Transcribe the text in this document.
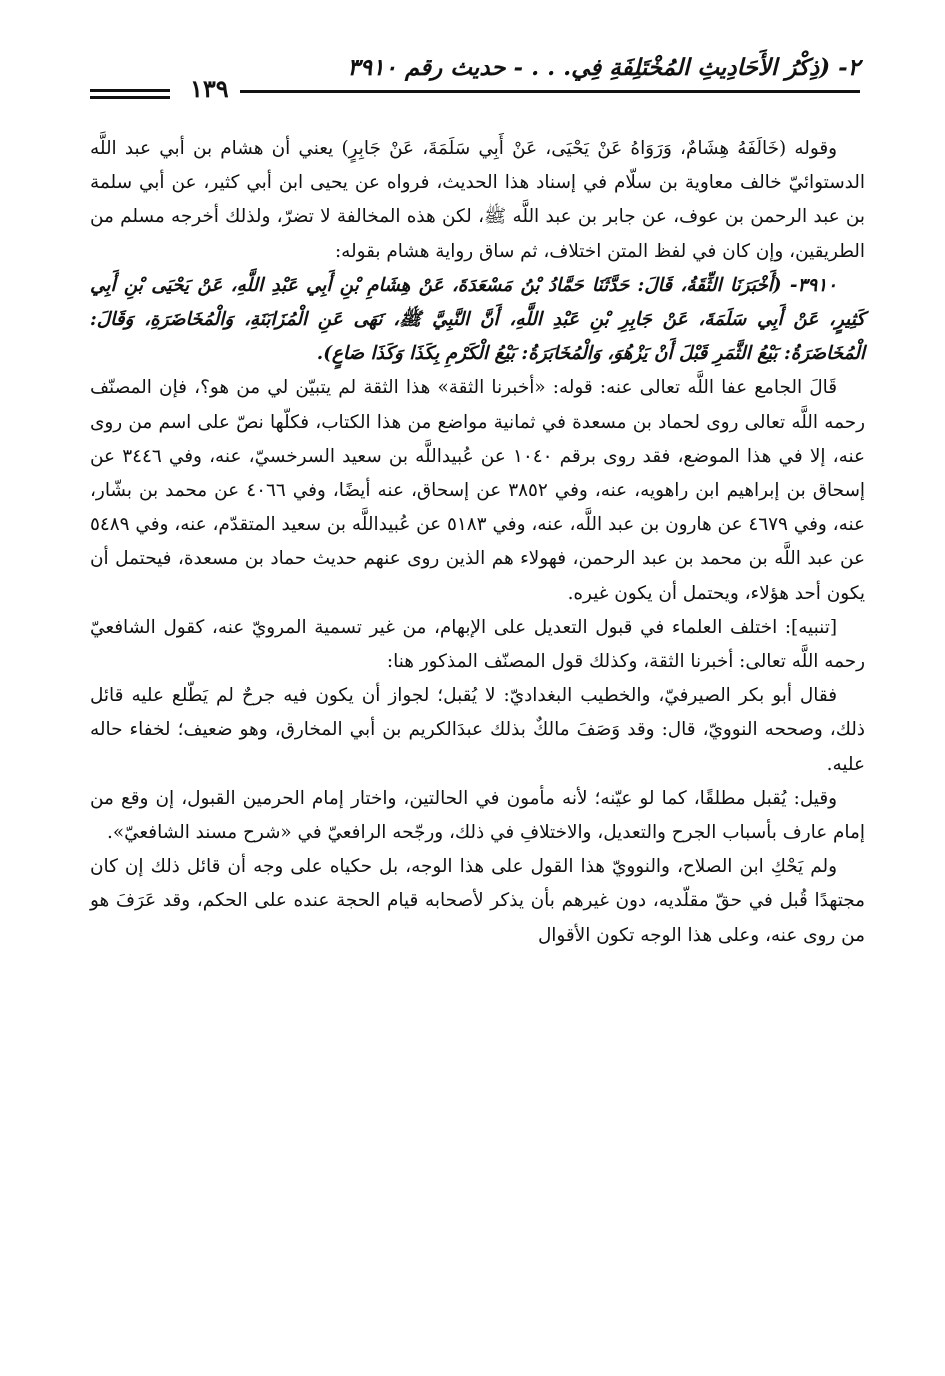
٢- (ذِكْرُ الأَحَادِيثِ المُخْتَلِفَةِ فِي. . . - حديث رقم ٣٩١٠
١٣٩

وقوله (خَالَفَهُ هِشَامٌ، وَرَوَاهُ عَنْ يَحْيَى، عَنْ أَبِي سَلَمَةَ، عَنْ جَابِرٍ) يعني أن هشام بن أبي عبد اللَّه الدستوائيّ خالف معاوية بن سلّام في إسناد هذا الحديث، فرواه عن يحيى ابن أبي كثير، عن أبي سلمة بن عبد الرحمن بن عوف، عن جابر بن عبد اللَّه ﷺ، لكن هذه المخالفة لا تضرّ، ولذلك أخرجه مسلم من الطريقين، وإن كان في لفظ المتن اختلاف، ثم ساق رواية هشام بقوله:

٣٩١٠- (أَخْبَرَنَا الثِّقَةُ، قَالَ: حَدَّثَنَا حَمَّادُ بْنُ مَسْعَدَةَ، عَنْ هِشَامِ بْنِ أَبِي عَبْدِ اللَّهِ، عَنْ يَحْيَى بْنِ أَبِي كَثِيرٍ، عَنْ أَبِي سَلَمَةَ، عَنْ جَابِرِ بْنِ عَبْدِ اللَّهِ، أَنَّ النَّبِيَّ ﷺ، نَهَى عَنِ الْمُزَابَنَةِ، وَالْمُخَاضَرَةِ، وَقَالَ: الْمُخَاضَرَةُ: بَيْعُ الثَّمَرِ قَبْلَ أَنْ يَزْهُوَ، وَالْمُخَابَرَةُ: بَيْعُ الْكَرْمِ بِكَذَا وَكَذَا صَاعٍ).

قَالَ الجامع عفا اللَّه تعالى عنه: قوله: «أخبرنا الثقة» هذا الثقة لم يتبيّن لي من هو؟، فإن المصنّف رحمه اللَّه تعالى روى لحماد بن مسعدة في ثمانية مواضع من هذا الكتاب، فكلّها نصّ على اسم من روى عنه، إلا في هذا الموضع، فقد روى برقم ١٠٤٠ عن عُبيداللَّه بن سعيد السرخسيّ، عنه، وفي ٣٤٤٦ عن إسحاق بن إبراهيم ابن راهويه، عنه، وفي ٣٨٥٢ عن إسحاق، عنه أيضًا، وفي ٤٠٦٦ عن محمد بن بشّار، عنه، وفي ٤٦٧٩ عن هارون بن عبد اللَّه، عنه، وفي ٥١٨٣ عن عُبيداللَّه بن سعيد المتقدّم، عنه، وفي ٥٤٨٩ عن عبد اللَّه بن محمد بن عبد الرحمن، فهولاء هم الذين روى عنهم حديث حماد بن مسعدة، فيحتمل أن يكون أحد هؤلاء، ويحتمل أن يكون غيره.

[تنبيه]: اختلف العلماء في قبول التعديل على الإبهام، من غير تسمية المرويّ عنه، كقول الشافعيّ رحمه اللَّه تعالى: أخبرنا الثقة، وكذلك قول المصنّف المذكور هنا:

فقال أبو بكر الصيرفيّ، والخطيب البغداديّ: لا يُقبل؛ لجواز أن يكون فيه جرحٌ لم يَطّلع عليه قائل ذلك، وصححه النوويّ، قال: وقد وَصَفَ مالكٌ بذلك عبدَالكريم بن أبي المخارق، وهو ضعيف؛ لخفاء حاله عليه.

وقيل: يُقبل مطلقًا، كما لو عيّنه؛ لأنه مأمون في الحالتين، واختار إمام الحرمين القبول، إن وقع من إمام عارف بأسباب الجرح والتعديل، والاختلافِ في ذلك، ورجّحه الرافعيّ في «شرح مسند الشافعيّ».

ولم يَحْكِ ابن الصلاح، والنوويّ هذا القول على هذا الوجه، بل حكياه على وجه أن قائل ذلك إن كان مجتهدًا قُبل في حقّ مقلّديه، دون غيرهم بأن يذكر لأصحابه قيام الحجة عنده على الحكم، وقد عَرَفَ هو من روى عنه، وعلى هذا الوجه تكون الأقوال
